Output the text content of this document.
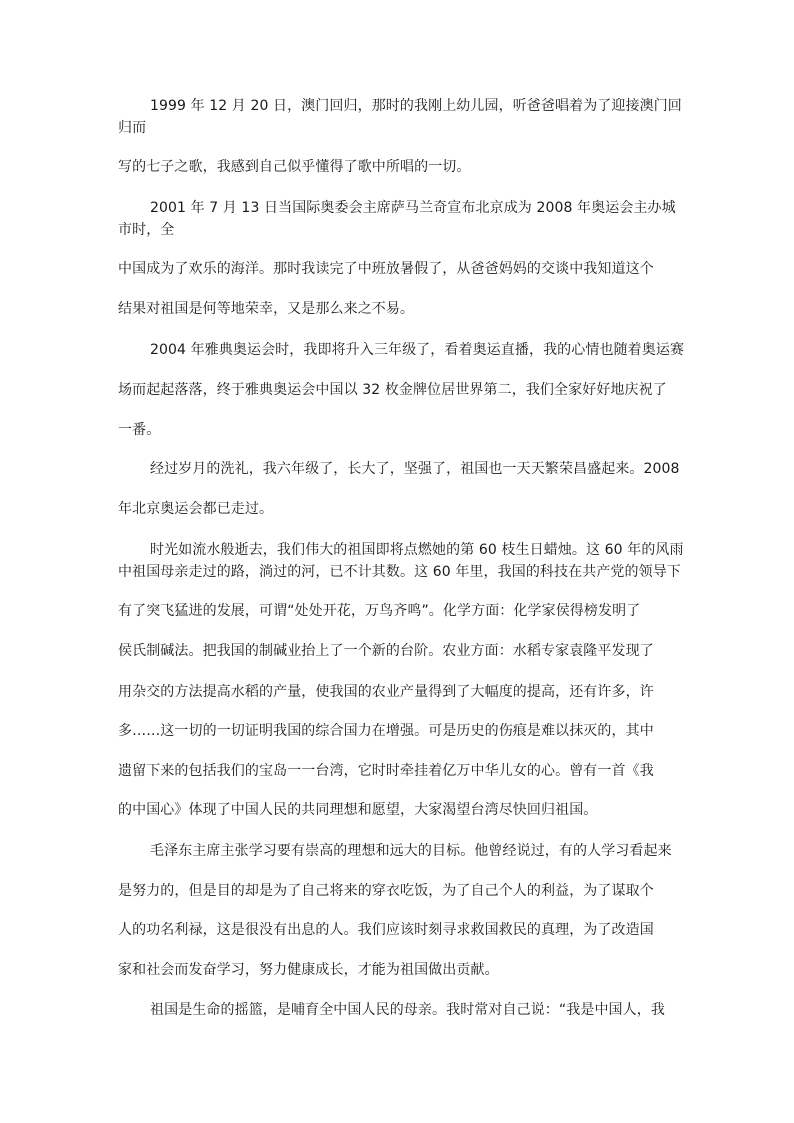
1999 年 12 月 20 日，澳门回归，那时的我刚上幼儿园，听爸爸唱着为了迎接澳门回
归而
写的七子之歌，我感到自己似乎懂得了歌中所唱的一切。
2001 年 7 月 13 日当国际奥委会主席萨马兰奇宣布北京成为 2008 年奥运会主办城
市时，全
中国成为了欢乐的海洋。那时我读完了中班放暑假了，从爸爸妈妈的交谈中我知道这个
结果对祖国是何等地荣幸，又是那么来之不易。
2004 年雅典奥运会时，我即将升入三年级了，看着奥运直播，我的心情也随着奥运赛
场而起起落落，终于雅典奥运会中国以 32 枚金牌位居世界第二，我们全家好好地庆祝了
一番。
经过岁月的洗礼，我六年级了，长大了，坚强了，祖国也一天天繁荣昌盛起来。2008
年北京奥运会都已走过。
时光如流水般逝去，我们伟大的祖国即将点燃她的第 60 枝生日蜡烛。这 60 年的风雨
中祖国母亲走过的路，淌过的河，已不计其数。这 60 年里，我国的科技在共产党的领导下
有了突飞猛进的发展，可谓“处处开花，万鸟齐鸣”。化学方面：化学家侯得榜发明了
侯氏制碱法。把我国的制碱业抬上了一个新的台阶。农业方面：水稻专家袁隆平发现了
用杂交的方法提高水稻的产量，使我国的农业产量得到了大幅度的提高，还有许多，许
多……这一切的一切证明我国的综合国力在增强。可是历史的伤痕是难以抹灭的，其中
遗留下来的包括我们的宝岛一一台湾，它时时牵挂着亿万中华儿女的心。曾有一首《我
的中国心》体现了中国人民的共同理想和愿望，大家渴望台湾尽快回归祖国。
毛泽东主席主张学习要有崇高的理想和远大的目标。他曾经说过，有的人学习看起来
是努力的，但是目的却是为了自己将来的穿衣吃饭，为了自己个人的利益，为了谋取个
人的功名利禄，这是很没有出息的人。我们应该时刻寻求救国救民的真理，为了改造国
家和社会而发奋学习，努力健康成长，才能为祖国做出贡献。
祖国是生命的摇篮，是哺育全中国人民的母亲。我时常对自己说：“我是中国人，我
